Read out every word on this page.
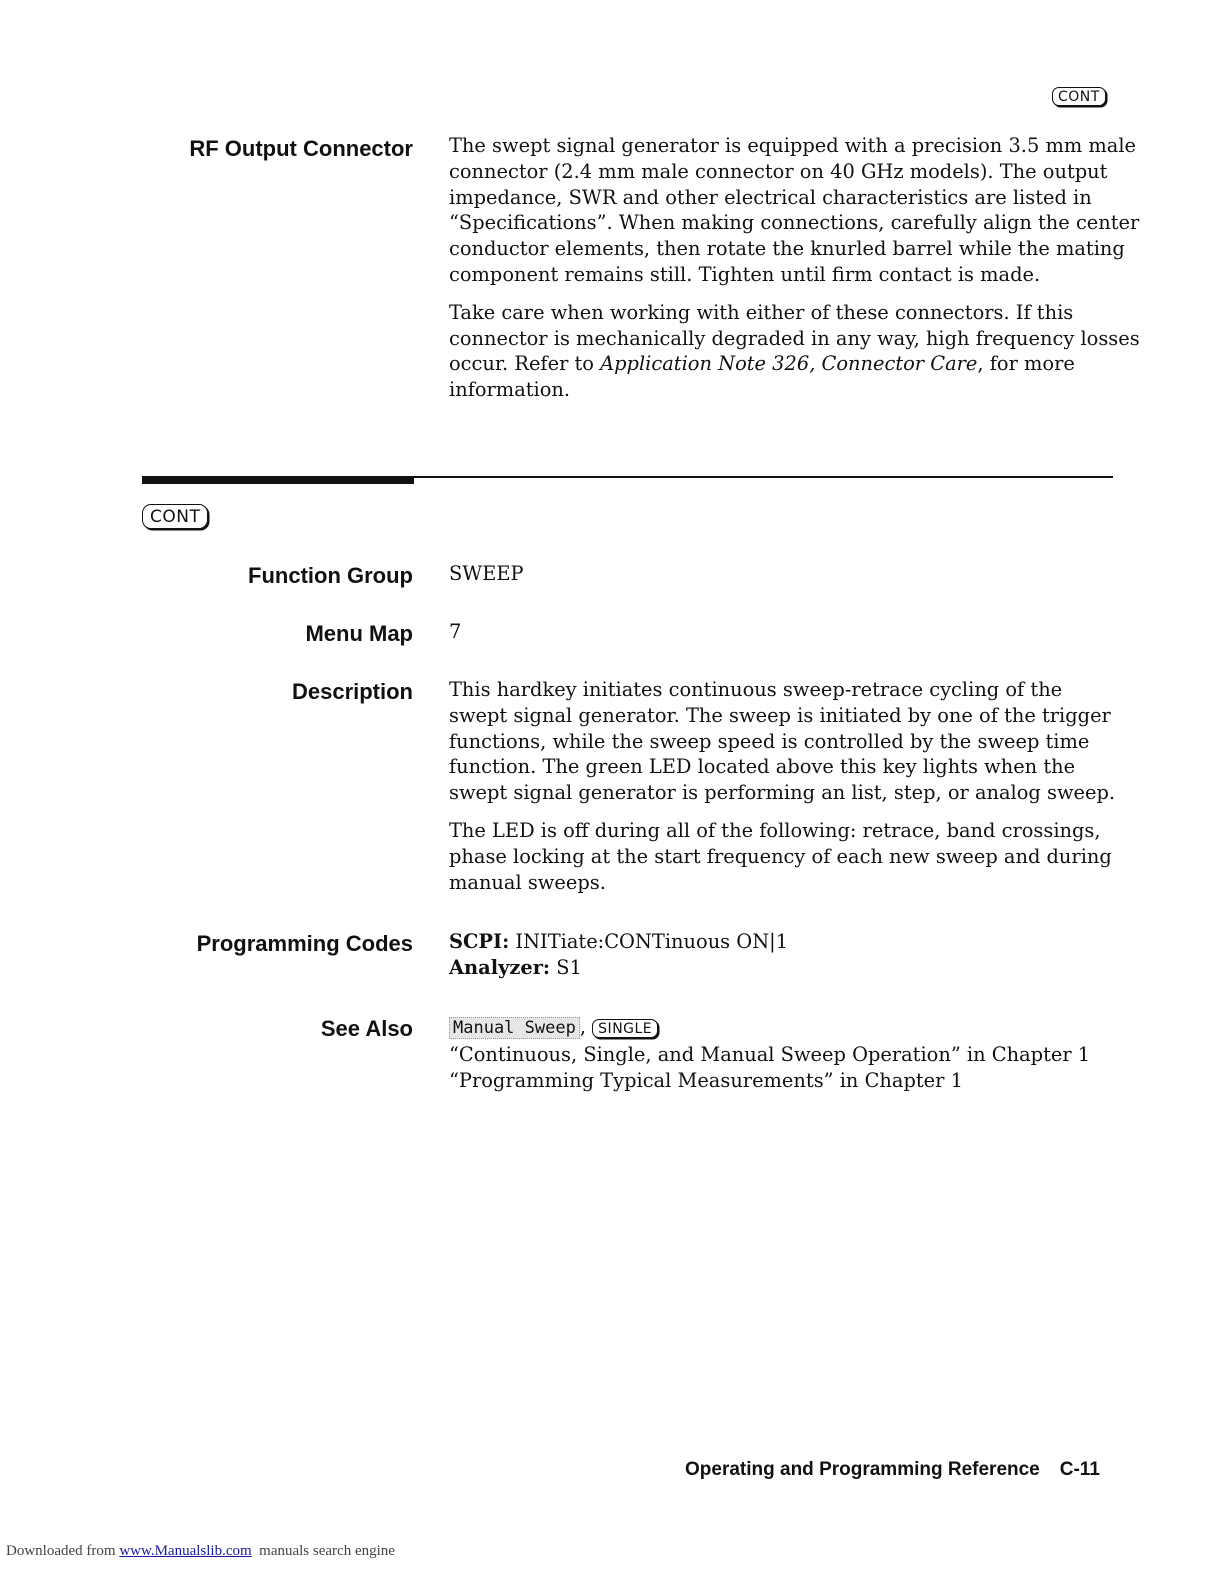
CONT
RF Output Connector The swept signal generator is equipped with a precision 3.5 mm male

connector (2.4 mm male connector on 40 GHz models). The output

impedance, SWR and other electrical characteristics are listed in

“Specifications”. When making connections, carefully align the center

conductor elements, then rotate the knurled barrel while the mating

component remains still. Tighten until firm contact is made.

Take care when working with either of these connectors. If this

connector is mechanically degraded in any way, high frequency losses

occur. Refer to Application Note 326, Connector Care, for more

information.

CONT
Function Group SWEEP
Menu Map 7
Description This hardkey initiates continuous sweep-retrace cycling of the

swept signal generator. The sweep is initiated by one of the trigger

functions, while the sweep speed is controlled by the sweep time

function. The green LED located above this key lights when the

swept signal generator is performing an list, step, or analog sweep.

The LED is off during all of the following: retrace, band crossings,

phase locking at the start frequency of each new sweep and during

manual sweeps.

Programming Codes SCPI: INITiate:CONTinuous ON|1

Analyzer: S1

See Also Manual Sweep , SINGLE

“Continuous, Single, and Manual Sweep Operation” in Chapter 1

“Programming Typical Measurements” in Chapter 1

Operating and Programming Reference C-11
Downloaded from www.Manualslib.com manuals search engine
